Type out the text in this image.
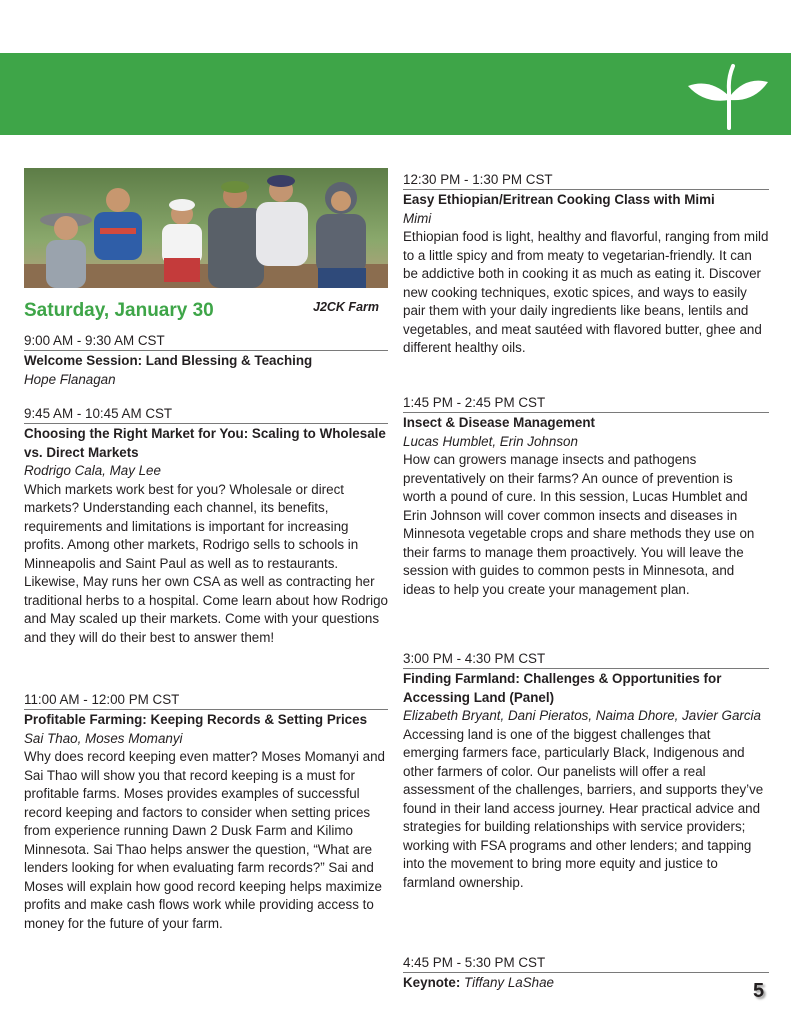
J2CK Farm
Saturday, January 30
9:00 AM - 9:30 AM CST
Welcome Session: Land Blessing & Teaching
Hope Flanagan
9:45 AM - 10:45 AM CST
Choosing the Right Market for You: Scaling to Wholesale vs. Direct Markets
Rodrigo Cala, May Lee
Which markets work best for you? Wholesale or direct markets? Understanding each channel, its benefits, requirements and limitations is important for increasing profits. Among other markets, Rodrigo sells to schools in Minneapolis and Saint Paul as well as to restaurants. Likewise, May runs her own CSA as well as contracting her traditional herbs to a hospital. Come learn about how Rodrigo and May scaled up their markets. Come with your questions and they will do their best to answer them!
11:00 AM - 12:00 PM CST
Profitable Farming: Keeping Records & Setting Prices
Sai Thao, Moses Momanyi
Why does record keeping even matter? Moses Momanyi and Sai Thao will show you that record keeping is a must for profitable farms. Moses provides examples of successful record keeping and factors to consider when setting prices from experience running Dawn 2 Dusk Farm and Kilimo Minnesota. Sai Thao helps answer the question, “What are lenders looking for when evaluating farm records?” Sai and Moses will explain how good record keeping helps maximize profits and make cash flows work while providing access to money for the future of your farm.
12:30 PM - 1:30 PM CST
Easy Ethiopian/Eritrean Cooking Class with Mimi
Mimi
Ethiopian food is light, healthy and flavorful, ranging from mild to a little spicy and from meaty to vegetarian-friendly. It can be addictive both in cooking it as much as eating it. Discover new cooking techniques, exotic spices, and ways to easily pair them with your daily ingredients like beans, lentils and vegetables, and meat sautéed with flavored butter, ghee and different healthy oils.
1:45 PM - 2:45 PM CST
Insect & Disease Management
Lucas Humblet, Erin Johnson
How can growers manage insects and pathogens preventatively on their farms? An ounce of prevention is worth a pound of cure. In this session, Lucas Humblet and Erin Johnson will cover common insects and diseases in Minnesota vegetable crops and share methods they use on their farms to manage them proactively. You will leave the session with guides to common pests in Minnesota, and ideas to help you create your management plan.
3:00 PM - 4:30 PM CST
Finding Farmland: Challenges & Opportunities for Accessing Land (Panel)
Elizabeth Bryant, Dani Pieratos, Naima Dhore, Javier Garcia
Accessing land is one of the biggest challenges that emerging farmers face, particularly Black, Indigenous and other farmers of color. Our panelists will offer a real assessment of the challenges, barriers, and supports they’ve found in their land access journey. Hear practical advice and strategies for building relationships with service providers; working with FSA programs and other lenders; and tapping into the movement to bring more equity and justice to farmland ownership.
4:45 PM - 5:30 PM CST
Keynote: Tiffany LaShae	5
